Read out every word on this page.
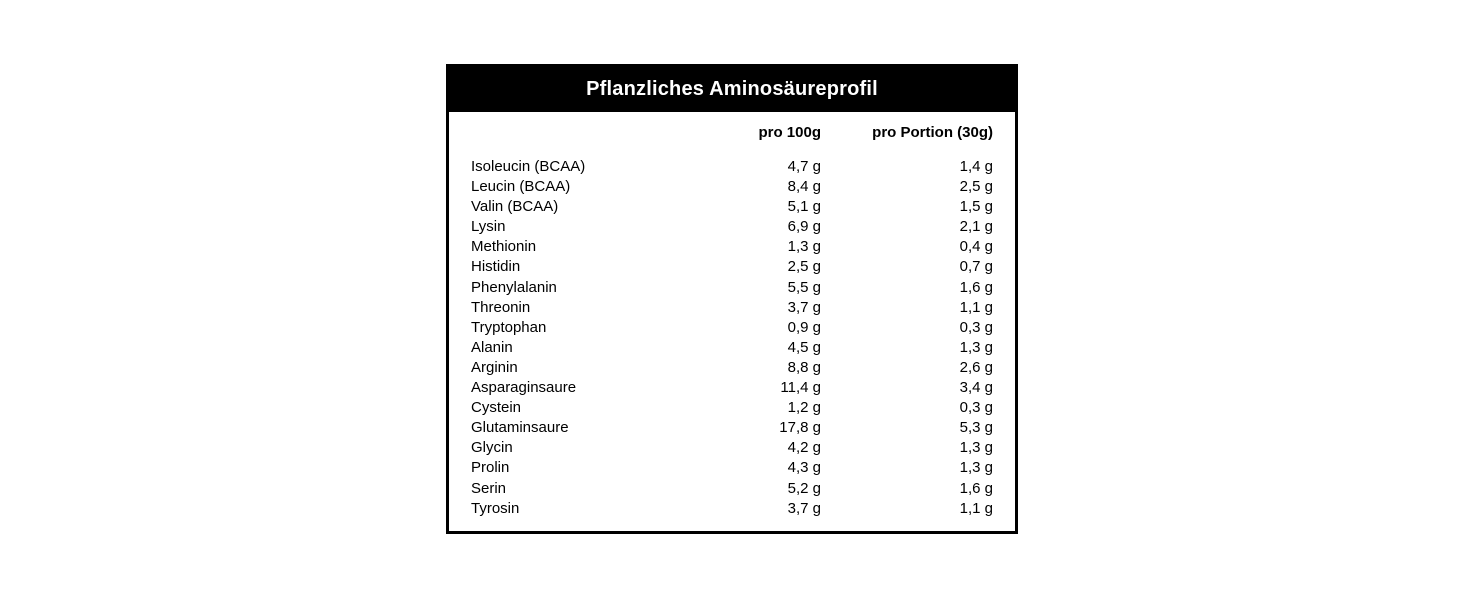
Pflanzliches Aminosäureprofil
pro 100g	pro Portion (30g)
Isoleucin (BCAA)	4,7 g	1,4 g
Leucin (BCAA)	8,4 g	2,5 g
Valin (BCAA)	5,1 g	1,5 g
Lysin	6,9 g	2,1 g
Methionin	1,3 g	0,4 g
Histidin	2,5 g	0,7 g
Phenylalanin	5,5 g	1,6 g
Threonin	3,7 g	1,1 g
Tryptophan	0,9 g	0,3 g
Alanin	4,5 g	1,3 g
Arginin	8,8 g	2,6 g
Asparaginsaure	11,4 g	3,4 g
Cystein	1,2 g	0,3 g
Glutaminsaure	17,8 g	5,3 g
Glycin	4,2 g	1,3 g
Prolin	4,3 g	1,3 g
Serin	5,2 g	1,6 g
Tyrosin	3,7 g	1,1 g
